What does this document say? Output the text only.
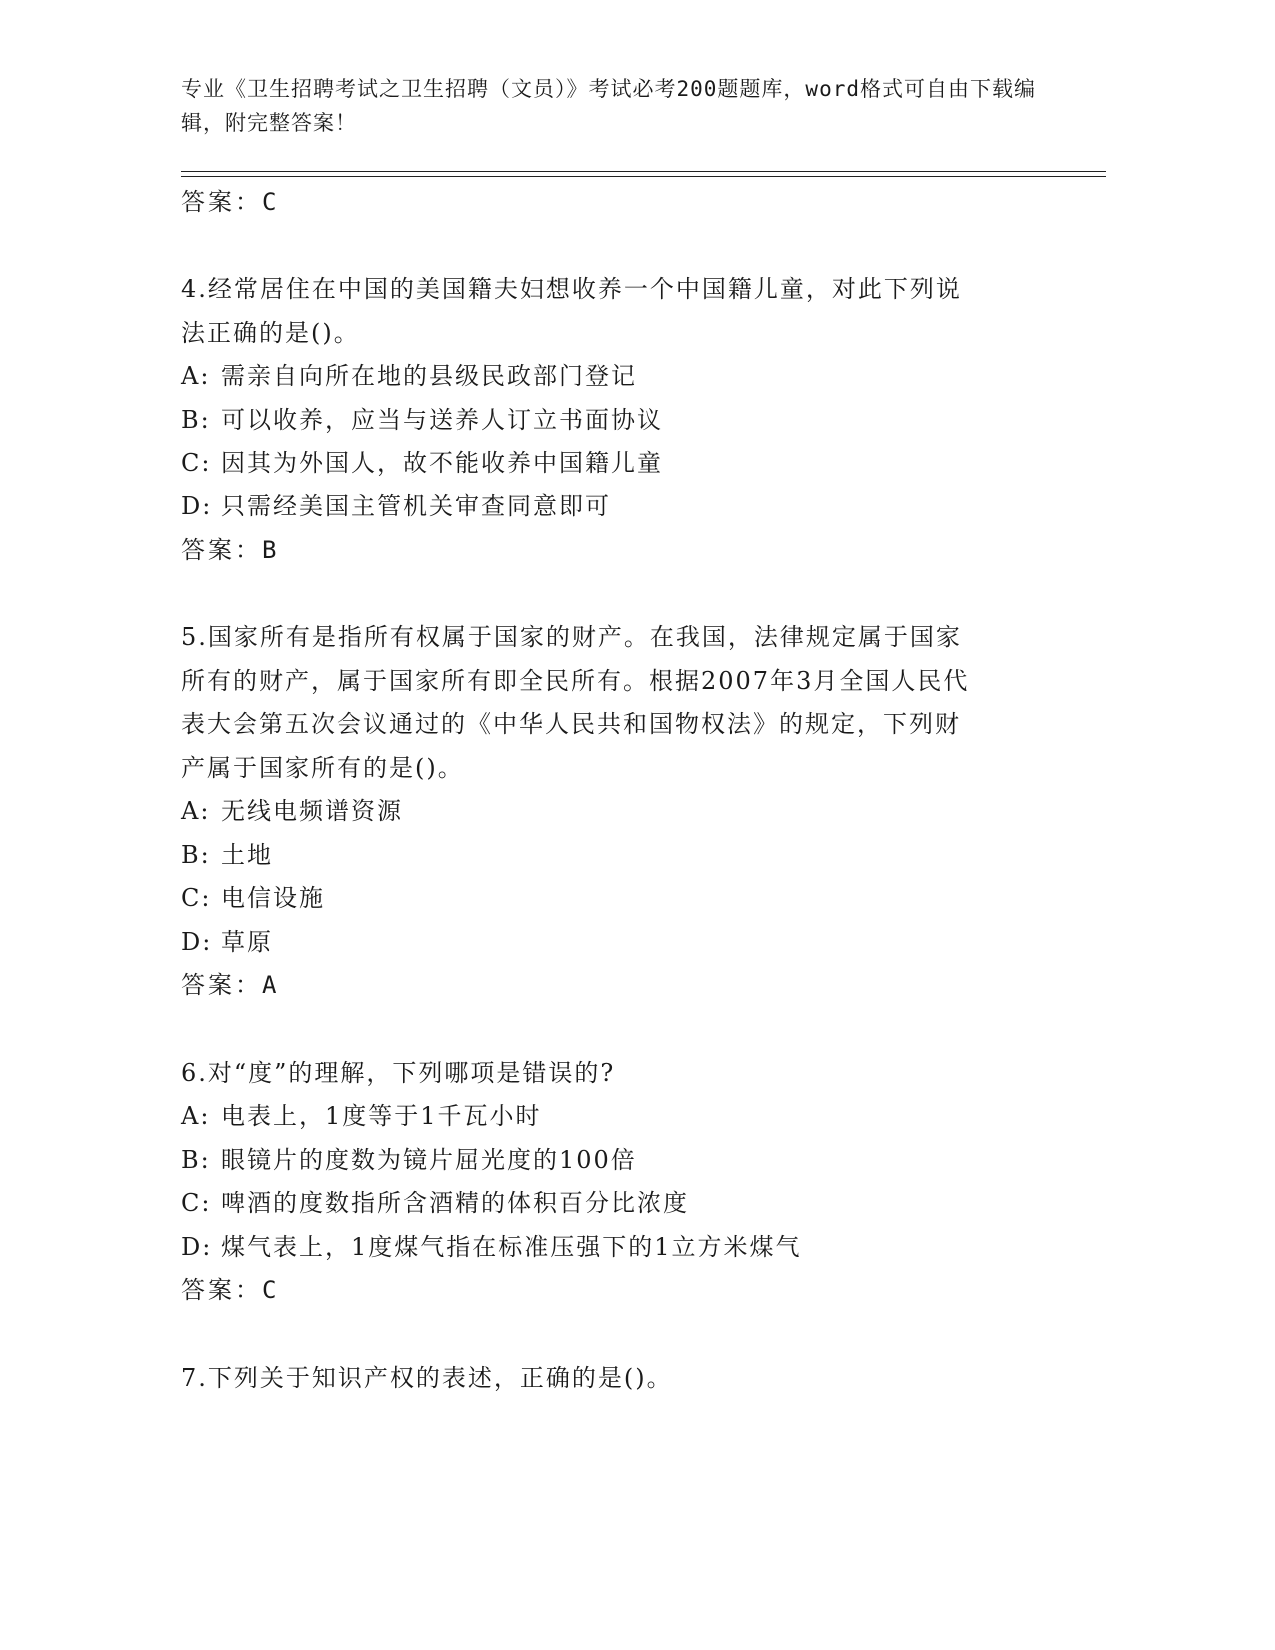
专业《卫生招聘考试之卫生招聘（文员）》考试必考200题题库，word格式可自由下载编辑，附完整答案！
答案：C
4.经常居住在中国的美国籍夫妇想收养一个中国籍儿童，对此下列说
法正确的是()。
A: 需亲自向所在地的县级民政部门登记
B: 可以收养，应当与送养人订立书面协议
C: 因其为外国人，故不能收养中国籍儿童
D: 只需经美国主管机关审查同意即可
答案：B
5.国家所有是指所有权属于国家的财产。在我国，法律规定属于国家
所有的财产，属于国家所有即全民所有。根据2007年3月全国人民代
表大会第五次会议通过的《中华人民共和国物权法》的规定，下列财
产属于国家所有的是()。
A: 无线电频谱资源
B: 土地
C: 电信设施
D: 草原
答案：A
6.对“度”的理解，下列哪项是错误的?
A: 电表上，1度等于1千瓦小时
B: 眼镜片的度数为镜片屈光度的100倍
C: 啤酒的度数指所含酒精的体积百分比浓度
D: 煤气表上，1度煤气指在标准压强下的1立方米煤气
答案：C
7.下列关于知识产权的表述，正确的是()。
